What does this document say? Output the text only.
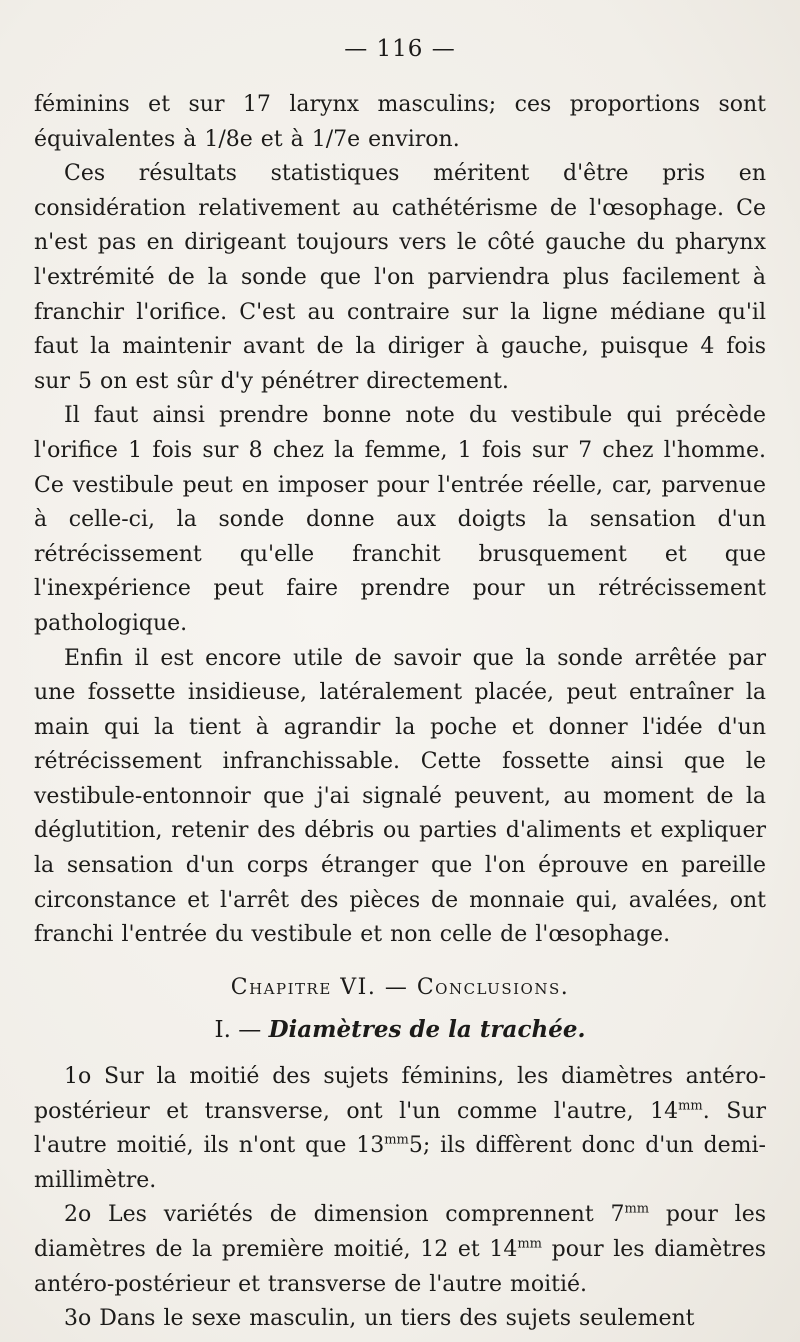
— 116 —

féminins et sur 17 larynx masculins; ces proportions sont équivalentes à 1/8e et à 1/7e environ.

Ces résultats statistiques méritent d'être pris en considération relativement au cathétérisme de l'œsophage. Ce n'est pas en dirigeant toujours vers le côté gauche du pharynx l'extrémité de la sonde que l'on parviendra plus facilement à franchir l'orifice. C'est au contraire sur la ligne médiane qu'il faut la maintenir avant de la diriger à gauche, puisque 4 fois sur 5 on est sûr d'y pénétrer directement.

Il faut ainsi prendre bonne note du vestibule qui précède l'orifice 1 fois sur 8 chez la femme, 1 fois sur 7 chez l'homme. Ce vestibule peut en imposer pour l'entrée réelle, car, parvenue à celle-ci, la sonde donne aux doigts la sensation d'un rétrécissement qu'elle franchit brusquement et que l'inexpérience peut faire prendre pour un rétrécissement pathologique.

Enfin il est encore utile de savoir que la sonde arrêtée par une fossette insidieuse, latéralement placée, peut entraîner la main qui la tient à agrandir la poche et donner l'idée d'un rétrécissement infranchissable. Cette fossette ainsi que le vestibule-entonnoir que j'ai signalé peuvent, au moment de la déglutition, retenir des débris ou parties d'aliments et expliquer la sensation d'un corps étranger que l'on éprouve en pareille circonstance et l'arrêt des pièces de monnaie qui, avalées, ont franchi l'entrée du vestibule et non celle de l'œsophage.

Chapitre VI. — Conclusions.
I. — Diamètres de la trachée.

1o Sur la moitié des sujets féminins, les diamètres antéro-postérieur et transverse, ont l'un comme l'autre, $14^{mm}$. Sur l'autre moitié, ils n'ont que $13^{mm}5$; ils diffèrent donc d'un demi-millimètre.

2o Les variétés de dimension comprennent $7^{mm}$ pour les diamètres de la première moitié, 12 et $14^{mm}$ pour les diamètres antéro-postérieur et transverse de l'autre moitié.

3o Dans le sexe masculin, un tiers des sujets seulement
